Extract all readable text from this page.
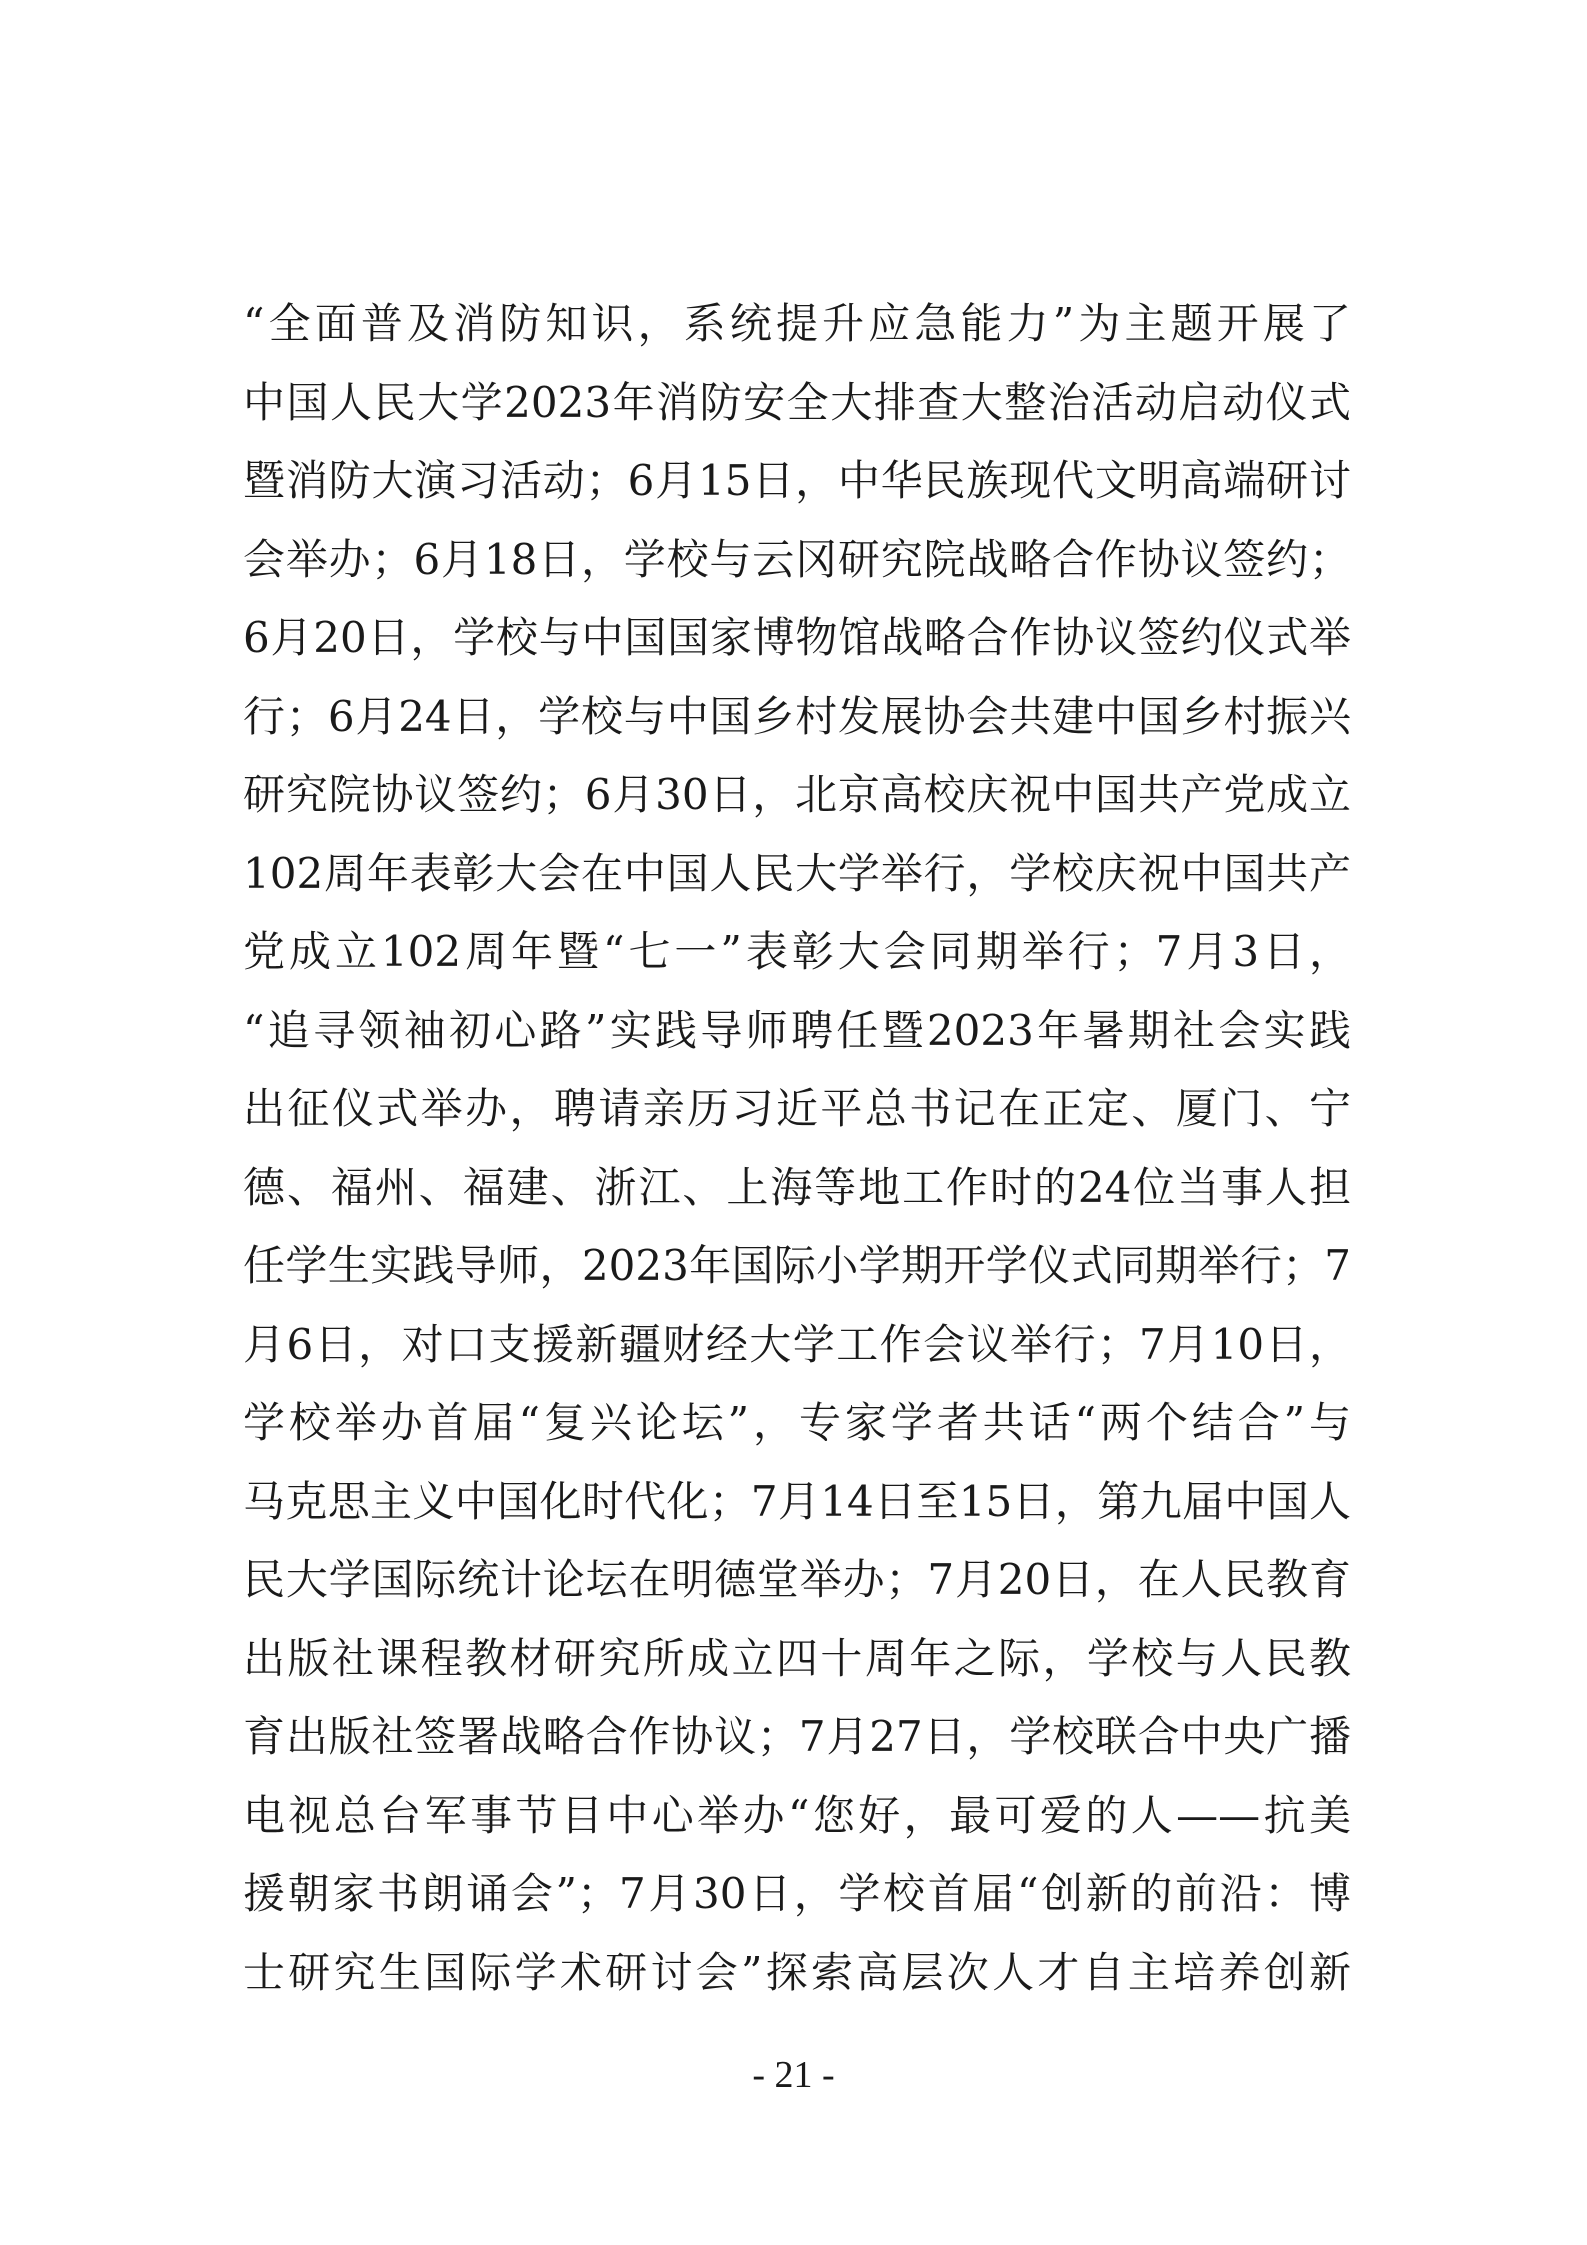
“全面普及消防知识，系统提升应急能力”为主题开展了
中国人民大学2023年消防安全大排查大整治活动启动仪式
暨消防大演习活动；6月15日，中华民族现代文明高端研讨
会举办；6月18日，学校与云冈研究院战略合作协议签约；
6月20日，学校与中国国家博物馆战略合作协议签约仪式举
行；6月24日，学校与中国乡村发展协会共建中国乡村振兴
研究院协议签约；6月30日，北京高校庆祝中国共产党成立
102周年表彰大会在中国人民大学举行，学校庆祝中国共产
党成立102周年暨“七一”表彰大会同期举行；7月3日，
“追寻领袖初心路”实践导师聘任暨2023年暑期社会实践
出征仪式举办，聘请亲历习近平总书记在正定、厦门、宁
德、福州、福建、浙江、上海等地工作时的24位当事人担
任学生实践导师，2023年国际小学期开学仪式同期举行；7
月6日，对口支援新疆财经大学工作会议举行；7月10日，
学校举办首届“复兴论坛”，专家学者共话“两个结合”与
马克思主义中国化时代化；7月14日至15日，第九届中国人
民大学国际统计论坛在明德堂举办；7月20日，在人民教育
出版社课程教材研究所成立四十周年之际，学校与人民教
育出版社签署战略合作协议；7月27日，学校联合中央广播
电视总台军事节目中心举办“您好，最可爱的人——抗美
援朝家书朗诵会”；7月30日，学校首届“创新的前沿：博
士研究生国际学术研讨会”探索高层次人才自主培养创新
- 21 -
